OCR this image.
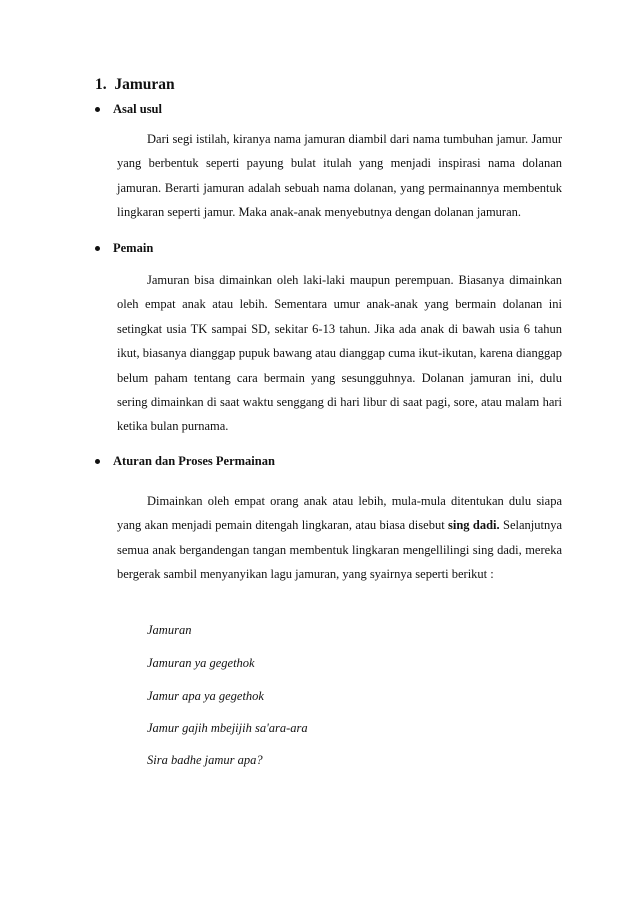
1. Jamuran
Asal usul

Dari segi istilah, kiranya nama jamuran diambil dari nama tumbuhan jamur. Jamur yang berbentuk seperti payung bulat itulah yang menjadi inspirasi nama dolanan jamuran. Berarti jamuran adalah sebuah nama dolanan, yang permainannya membentuk lingkaran seperti jamur. Maka anak-anak menyebutnya dengan dolanan jamuran.

Pemain

Jamuran bisa dimainkan oleh laki-laki maupun perempuan. Biasanya dimainkan oleh empat anak atau lebih. Sementara umur anak-anak yang bermain dolanan ini setingkat usia TK sampai SD, sekitar 6-13 tahun. Jika ada anak di bawah usia 6 tahun ikut, biasanya dianggap pupuk bawang atau dianggap cuma ikut-ikutan, karena dianggap belum paham tentang cara bermain yang sesungguhnya. Dolanan jamuran ini, dulu sering dimainkan di saat waktu senggang di hari libur di saat pagi, sore, atau malam hari ketika bulan purnama.

Aturan dan Proses Permainan

Dimainkan oleh empat orang anak atau lebih, mula-mula ditentukan dulu siapa yang akan menjadi pemain ditengah lingkaran, atau biasa disebut sing dadi. Selanjutnya semua anak bergandengan tangan membentuk lingkaran mengellilingi sing dadi, mereka bergerak sambil menyanyikan lagu jamuran, yang syairnya seperti berikut :

Jamuran
Jamuran ya gegethok
Jamur apa ya gegethok
Jamur gajih mbejijih sa'ara-ara
Sira badhe jamur apa?
